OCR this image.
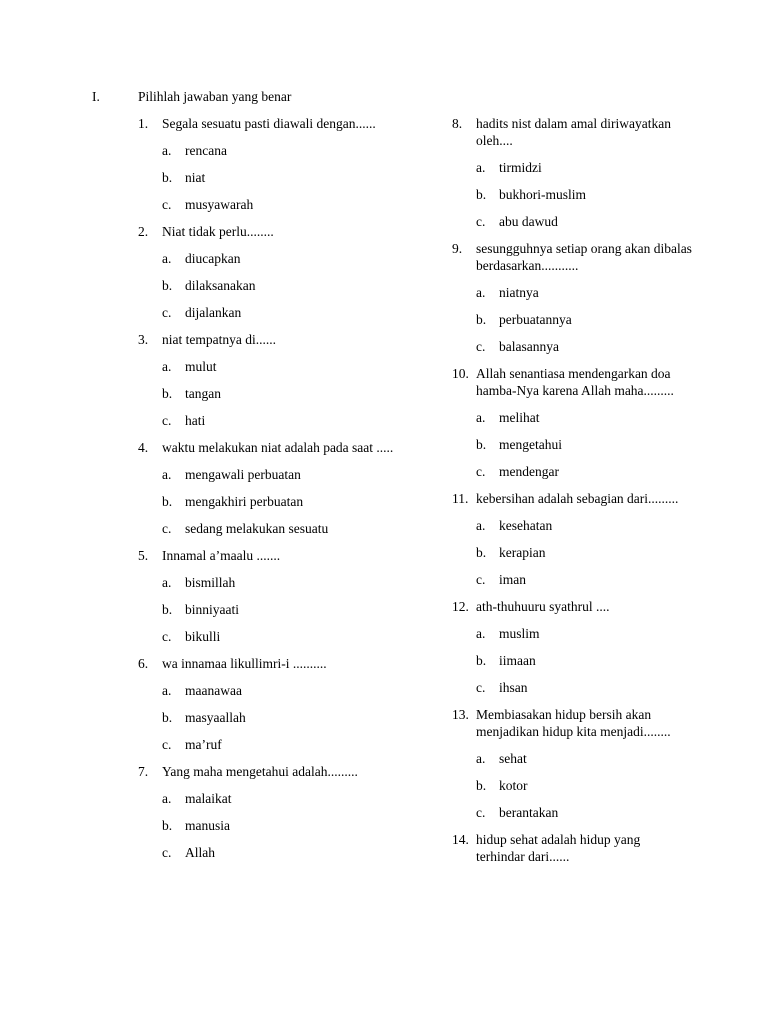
I.	Pilihlah jawaban yang benar
1.	Segala sesuatu pasti diawali dengan......
a. rencana
b. niat
c. musyawarah
2.	Niat tidak perlu........
a. diucapkan
b. dilaksanakan
c. dijalankan
3.	niat tempatnya di......
a. mulut
b. tangan
c. hati
4.	waktu melakukan niat adalah pada saat .....
a. mengawali perbuatan
b. mengakhiri perbuatan
c. sedang melakukan sesuatu
5.	Innamal a’maalu .......
a. bismillah
b. binniyaati
c. bikulli
6.	wa innamaa likullimri-i ..........
a. maanawaa
b. masyaallah
c. ma’ruf
7.	Yang maha mengetahui adalah.........
a. malaikat
b. manusia
c. Allah
8.	hadits nist dalam amal diriwayatkan oleh....
a. tirmidzi
b. bukhori-muslim
c. abu dawud
9.	sesungguhnya setiap orang akan dibalas berdasarkan...........
a. niatnya
b. perbuatannya
c. balasannya
10. Allah senantiasa mendengarkan doa hamba-Nya karena Allah maha.........
a. melihat
b. mengetahui
c. mendengar
11. kebersihan adalah sebagian dari.........
a. kesehatan
b. kerapian
c. iman
12. ath-thuhuuru syathrul ....
a. muslim
b. iimaan
c. ihsan
13. Membiasakan hidup bersih akan menjadikan hidup kita menjadi........
a. sehat
b. kotor
c. berantakan
14. hidup sehat adalah hidup yang terhindar dari......
